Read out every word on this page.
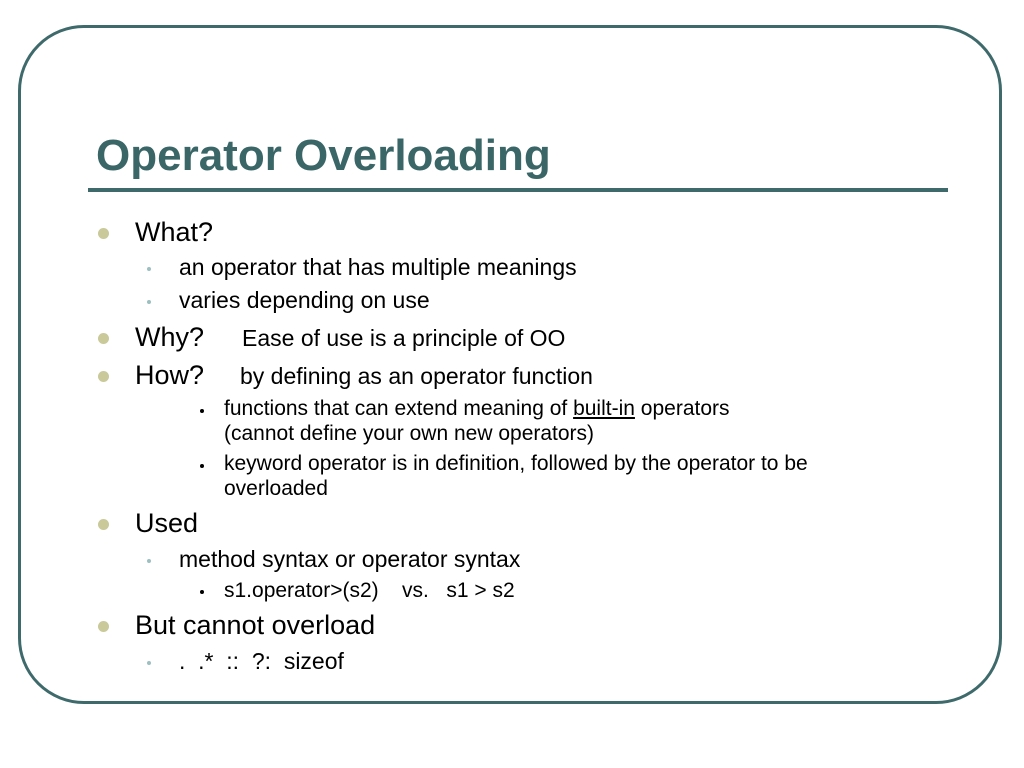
Operator Overloading
What?
an operator that has multiple meanings
varies depending on use
Why? Ease of use is a principle of OO
How? by defining as an operator function
functions that can extend meaning of built-in operators
(cannot define your own new operators)
keyword operator is in definition, followed by the operator to be
overloaded
Used
method syntax or operator syntax
s1.operator>(s2)    vs.   s1 > s2
But cannot overload
.  .*  ::  ?:  sizeof
